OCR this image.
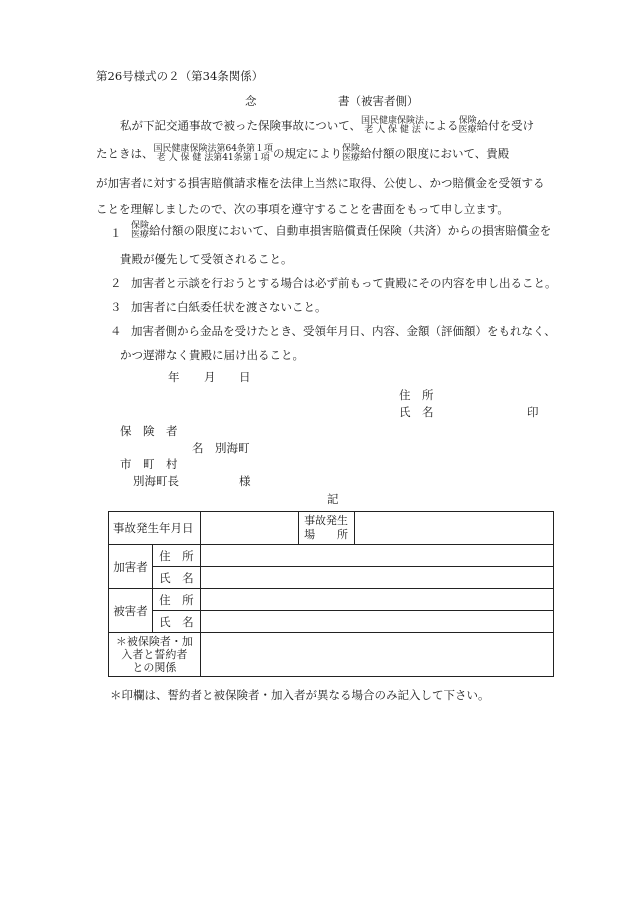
第26号様式の２（第34条関係）
念	書（被害者側）
私が下記交通事故で被った保険事故について、 国民健康保険法
老 人 保 健 法 による 保険
医療 給付を受け
たときは、 国民健康保険法第64条第１項
老 人 保 健 法第41条第１項 の規定により 保険
医療 給付額の限度において、貴殿
が加害者に対する損害賠償請求権を法律上当然に取得、公使し、かつ賠償金を受領する
ことを理解しましたので、次の事項を遵守することを書面をもって申し立ます。
１ 保険
医療 給付額の限度において、自動車損害賠償責任保険（共済）からの損害賠償金を
貴殿が優先して受領されること。
２ 加害者と示談を行おうとする場合は必ず前もって貴殿にその内容を申し出ること。
３ 加害者に白紙委任状を渡さないこと。
４ 加害者側から金品を受けたとき、受領年月日、内容、金額（評価額）をもれなく、
かつ遅滞なく貴殿に届け出ること。
年 月 日
住　所
氏　名	印
保　険　者
名　別海町
市　町　村
別海町長	様
記
事故発生年月日			事故発生
場　　所	

加害者	住　所			
	氏　名			
被害者	住　所			
	氏　名			

＊被保険者・加
入者と誓約者
との関係				

＊印欄は、誓約者と被保険者・加入者が異なる場合のみ記入して下さい。
